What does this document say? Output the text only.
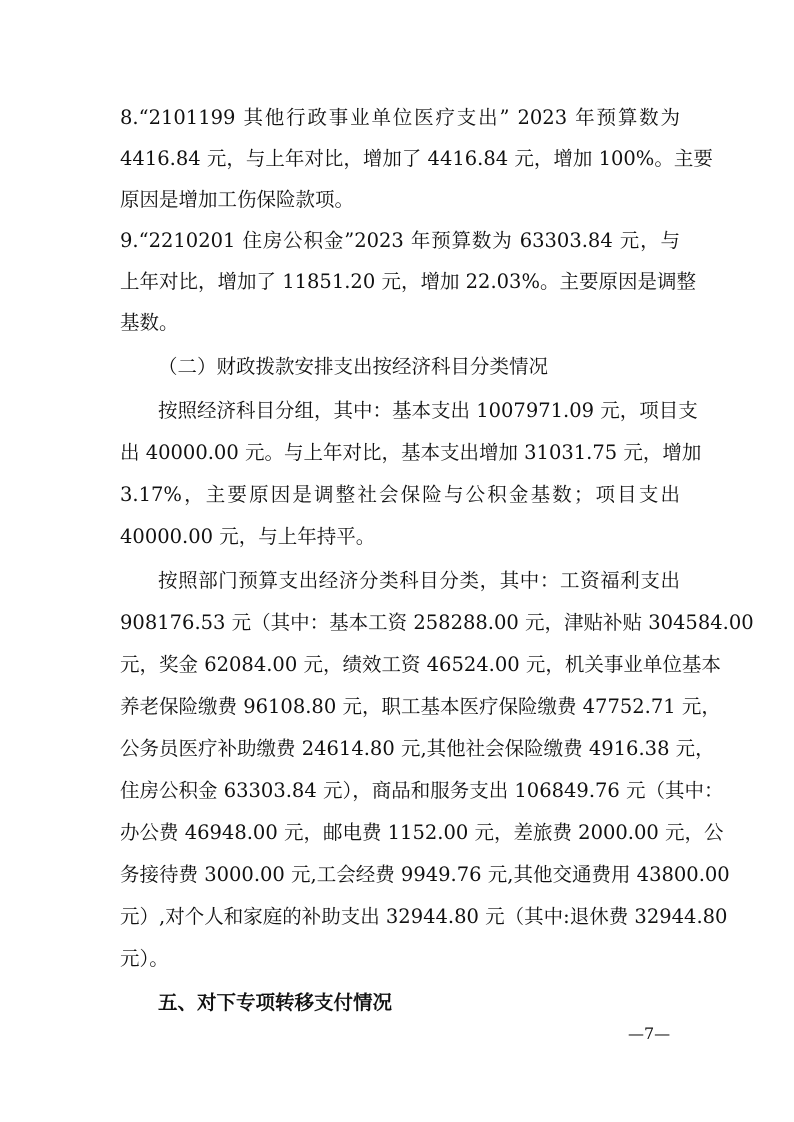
8.“2101199 其他行政事业单位医疗支出” 2023 年预算数为
4416.84 元，与上年对比，增加了 4416.84 元，增加 100%。主要
原因是增加工伤保险款项。
9.“2210201 住房公积金”2023 年预算数为 63303.84 元，与
上年对比，增加了 11851.20 元，增加 22.03%。主要原因是调整
基数。
（二）财政拨款安排支出按经济科目分类情况
按照经济科目分组，其中：基本支出 1007971.09 元，项目支
出 40000.00 元。与上年对比，基本支出增加 31031.75 元，增加
3.17%，主要原因是调整社会保险与公积金基数；项目支出
40000.00 元，与上年持平。
按照部门预算支出经济分类科目分类，其中：工资福利支出
908176.53 元（其中：基本工资 258288.00 元，津贴补贴 304584.00
元，奖金 62084.00 元，绩效工资 46524.00 元，机关事业单位基本
养老保险缴费 96108.80 元，职工基本医疗保险缴费 47752.71 元，
公务员医疗补助缴费 24614.80 元,其他社会保险缴费 4916.38 元，
住房公积金 63303.84 元），商品和服务支出 106849.76 元（其中：
办公费 46948.00 元，邮电费 1152.00 元，差旅费 2000.00 元，公
务接待费 3000.00 元,工会经费 9949.76 元,其他交通费用 43800.00
元）,对个人和家庭的补助支出 32944.80 元（其中:退休费 32944.80
元）。
五、对下专项转移支付情况
—7—
